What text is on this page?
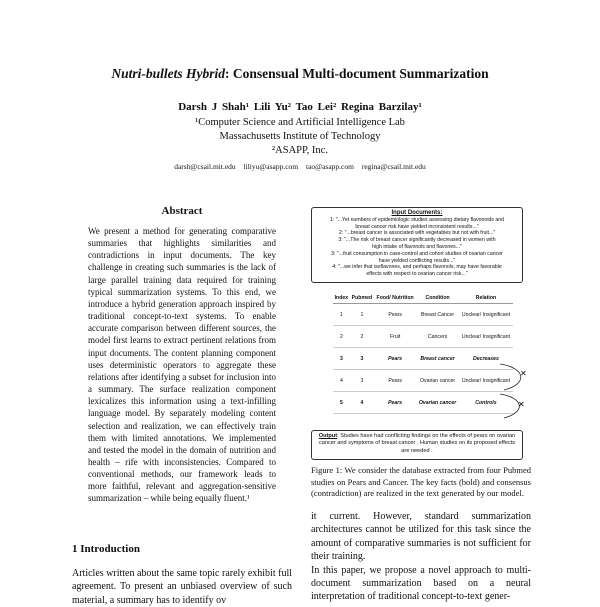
Nutri-bullets Hybrid: Consensual Multi-document Summarization
Darsh J Shah¹ Lili Yu² Tao Lei² Regina Barzilay¹
¹Computer Science and Artificial Intelligence Lab
Massachusetts Institute of Technology
²ASAPP, Inc.
darsh@csail.mit.edu liliyu@asapp.com tao@asapp.com regina@csail.mit.edu
Abstract
We present a method for generating comparative summaries that highlights similarities and contradictions in input documents. The key challenge in creating such summaries is the lack of large parallel training data required for training typical summarization systems. To this end, we introduce a hybrid generation approach inspired by traditional concept-to-text systems. To enable accurate comparison between different sources, the model first learns to extract pertinent relations from input documents. The content planning component uses deterministic operators to aggregate these relations after identifying a subset for inclusion into a summary. The surface realization component lexicalizes this information using a text-infilling language model. By separately modeling content selection and realization, we can effectively train them with limited annotations. We implemented and tested the model in the domain of nutrition and health – rife with inconsistencies. Compared to conventional methods, our framework leads to more faithful, relevant and aggregation-sensitive summarization – while being equally fluent.¹
1 Introduction
Articles written about the same topic rarely exhibit full agreement. To present an unbiased overview of such material, a summary has to identify ov
Input Documents:
1: "...Yet numbers of epidemiologic studies assessing dietary flavonoids and
breast cancer risk have yielded inconsistent results..."
2: "...breast cancer is associated with vegetables but not with fruit..."
3: "...The risk of breast cancer significantly decreased in women with
high intake of flavonols and flavones..."
3: "...fruit consumption in case-control and cohort studies of ovarian cancer
have yielded conflicting results..."
4: "...we infer that isoflavones, and perhaps flavonols, may have favorable
effects with respect to ovarian cancer risk..."
Index	Pubmed	Food/ Nutrition	Condition	Relation
1	1	Pears	Breast Cancer	Unclear/ Insignificant
2	2	Fruit	Cancers	Unclear/ Insignificant
3	3	Pears	Breast cancer	Decreases
4	3	Pears	Ovarian cancer	Unclear/ Insignificant
5	4	Pears	Ovarian cancer	Controls
✕
✕
Output: Studies have had conflicting findings on the effects of pears on ovarian cancer and symptoms of breast cancer . Human studies on its proposed effects are needed .
Figure 1: We consider the database extracted from four Pubmed studies on Pears and Cancer. The key facts (bold) and consensus (contradiction) are realized in the text generated by our model.
it current. However, standard summarization architectures cannot be utilized for this task since the amount of comparative summaries is not sufficient for their training.
In this paper, we propose a novel approach to multi-document summarization based on a neural interpretation of traditional concept-to-text gener-
